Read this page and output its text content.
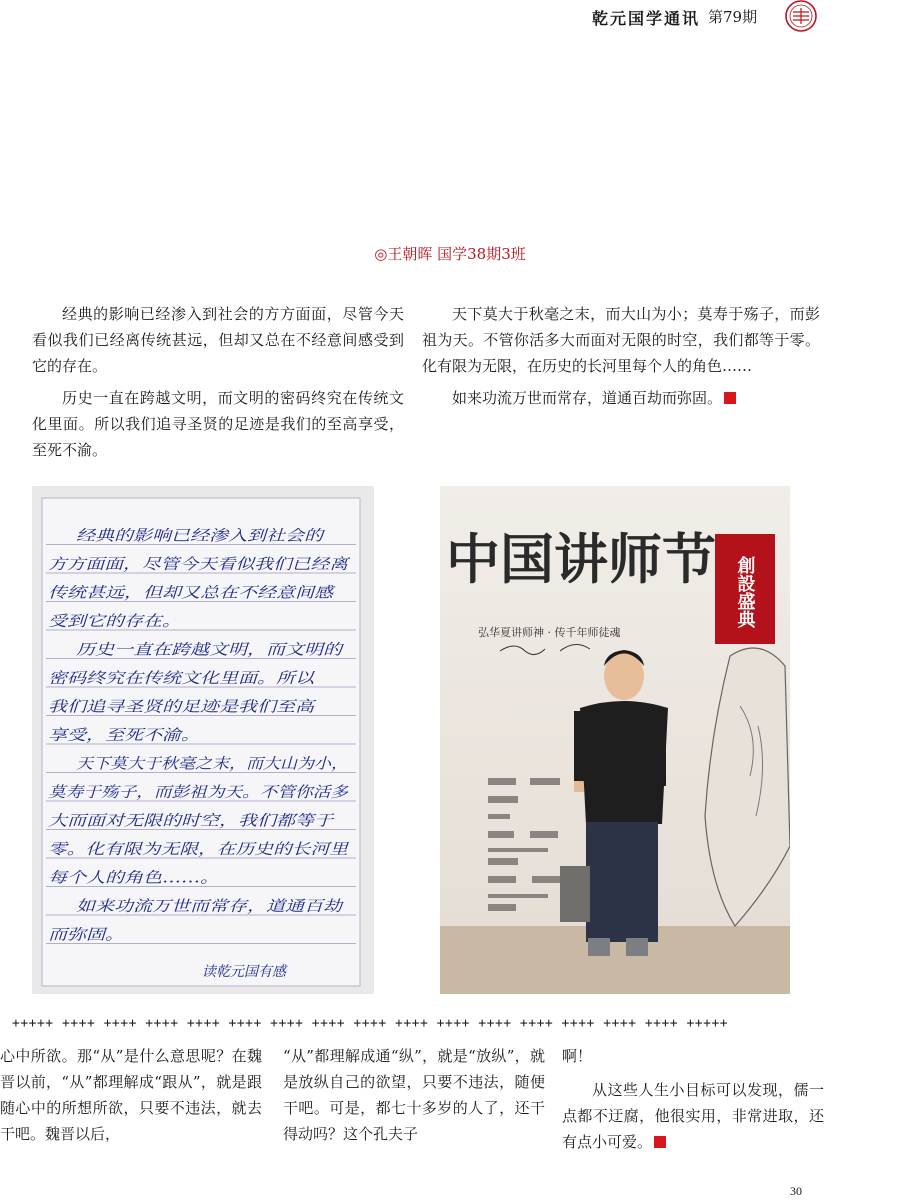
乾元国学通讯 第79期
◎王朝晖 国学38期3班

经典的影响已经渗入到社会的方方面面，尽管今天看似我们已经离传统甚远，但却又总在不经意间感受到它的存在。

历史一直在跨越文明，而文明的密码终究在传统文化里面。所以我们追寻圣贤的足迹是我们的至高享受，至死不渝。

天下莫大于秋毫之末，而大山为小；莫寿于殇子，而彭祖为天。不管你活多大而面对无限的时空，我们都等于零。化有限为无限，在历史的长河里每个人的角色……

如来功流万世而常存，道通百劫而弥固。

经典的影响已经渗入到社会的
方方面面，尽管今天看似我们已经离
传统甚远，但却又总在不经意间感
受到它的存在。
历史一直在跨越文明，而文明的
密码终究在传统文化里面。所以
我们追寻圣贤的足迹是我们至高
享受，至死不渝。
天下莫大于秋毫之末，而大山为小，
莫寿于殇子，而彭祖为天。不管你活多
大而面对无限的时空，我们都等于
零。化有限为无限，在历史的长河里
每个人的角色……。
如来功流万世而常存，道通百劫
而弥固。
读乾元国有感
創設盛典
中国讲师节
弘华夏讲师神 · 传千年师徒魂
+++++ ++++ ++++ ++++ ++++ ++++ ++++ ++++ ++++ ++++ ++++ ++++ ++++ ++++ ++++ ++++ +++++

心中所欲。那“从”是什么意思呢？在魏晋以前，“从”都理解成“跟从”，就是跟随心中的所想所欲，只要不违法，就去干吧。魏晋以后，

“从”都理解成通“纵”，就是“放纵”，就是放纵自己的欲望，只要不违法，随便干吧。可是，都七十多岁的人了，还干得动吗？这个孔夫子

啊！

从这些人生小目标可以发现，儒一点都不迂腐，他很实用，非常进取，还有点小可爱。

30
